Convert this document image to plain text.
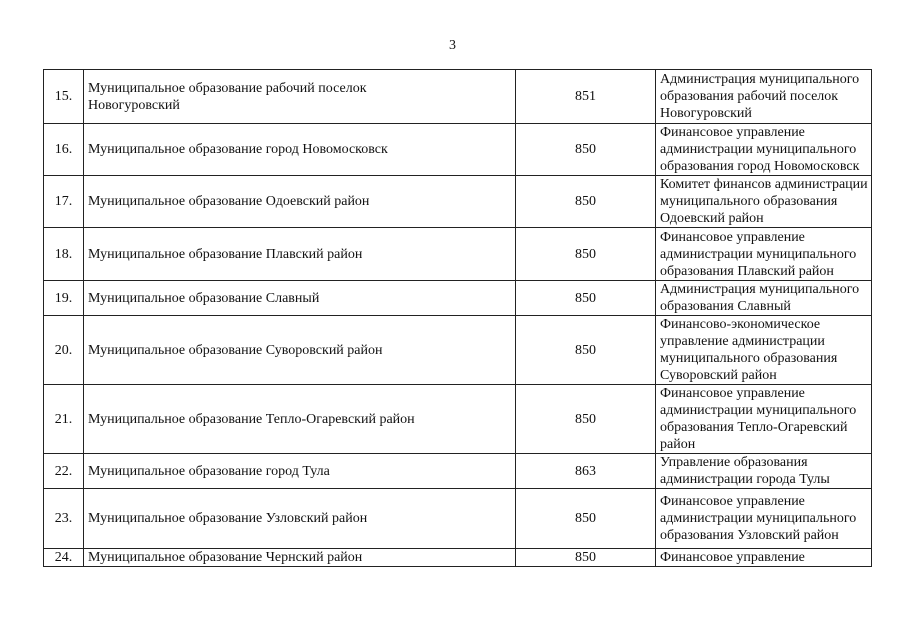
3
15.	Муниципальное образование рабочий поселок
Новогуровский	851	Администрация муниципального
образования рабочий поселок
Новогуровский

16.	Муниципальное образование город Новомосковск	850	Финансовое управление
администрации муниципального
образования город Новомосковск

17.	Муниципальное образование Одоевский район	850	Комитет финансов администрации
муниципального образования
Одоевский район

18.	Муниципальное образование Плавский район	850	Финансовое управление
администрации муниципального
образования Плавский район

19.	Муниципальное образование Славный	850	Администрация муниципального
образования Славный

20.	Муниципальное образование Суворовский район	850	Финансово-экономическое
управление администрации
муниципального образования
Суворовский район

21.	Муниципальное образование Тепло-Огаревский район	850	Финансовое управление
администрации муниципального
образования Тепло-Огаревский
район

22.	Муниципальное образование город Тула	863	Управление образования
администрации города Тулы

23.	Муниципальное образование Узловский район	850	Финансовое управление
администрации муниципального
образования Узловский район

24.	Муниципальное образование Чернский район	850	Финансовое управление
